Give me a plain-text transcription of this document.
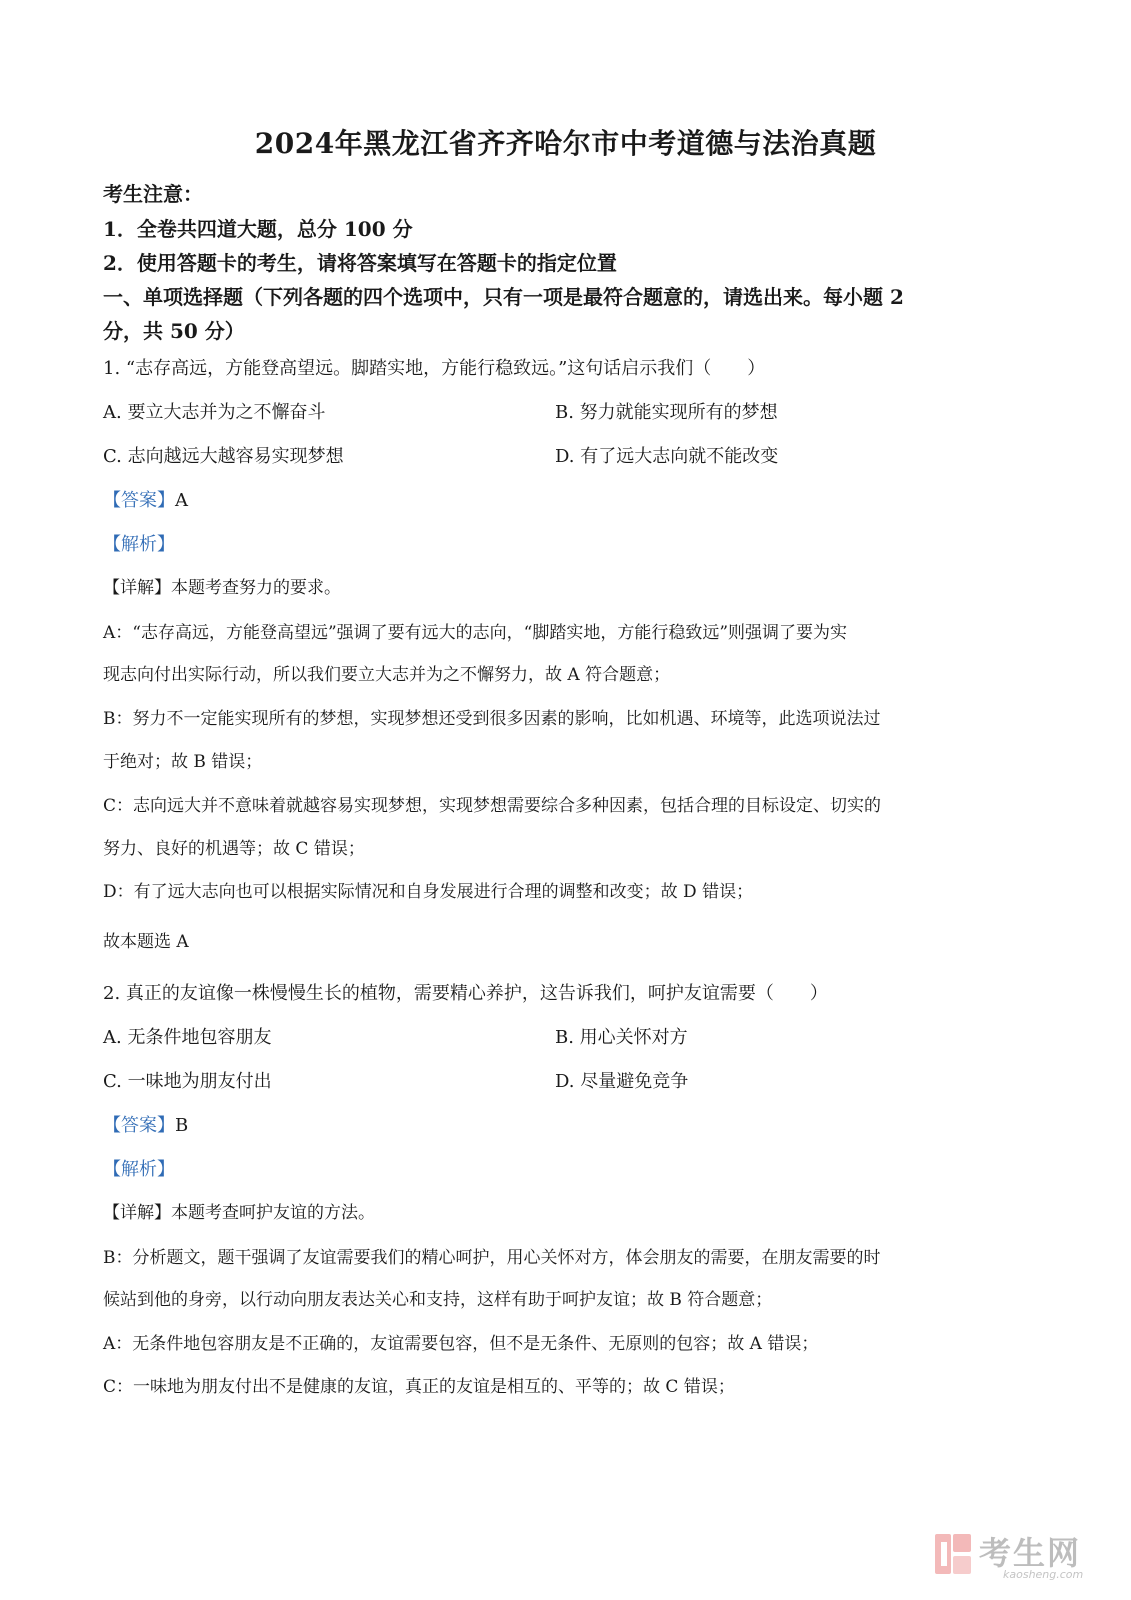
2024年黑龙江省齐齐哈尔市中考道德与法治真题
考生注意：
1．全卷共四道大题，总分 100 分
2．使用答题卡的考生，请将答案填写在答题卡的指定位置
一、单项选择题（下列各题的四个选项中，只有一项是最符合题意的，请选出来。每小题 2
分，共 50 分）
1. “志存高远，方能登高望远。脚踏实地，方能行稳致远。”这句话启示我们（　　）
A. 要立大志并为之不懈奋斗	B. 努力就能实现所有的梦想
C. 志向越远大越容易实现梦想	D. 有了远大志向就不能改变
【答案】A
【解析】
【详解】本题考查努力的要求。
A：“志存高远，方能登高望远”强调了要有远大的志向，“脚踏实地，方能行稳致远”则强调了要为实
现志向付出实际行动，所以我们要立大志并为之不懈努力，故 A 符合题意；
B：努力不一定能实现所有的梦想，实现梦想还受到很多因素的影响，比如机遇、环境等，此选项说法过
于绝对；故 B 错误；
C：志向远大并不意味着就越容易实现梦想，实现梦想需要综合多种因素，包括合理的目标设定、切实的
努力、良好的机遇等；故 C 错误；
D：有了远大志向也可以根据实际情况和自身发展进行合理的调整和改变；故 D 错误；
故本题选 A
2. 真正的友谊像一株慢慢生长的植物，需要精心养护，这告诉我们，呵护友谊需要（　　）
A. 无条件地包容朋友	B. 用心关怀对方
C. 一味地为朋友付出	D. 尽量避免竞争
【答案】B
【解析】
【详解】本题考查呵护友谊的方法。
B：分析题文，题干强调了友谊需要我们的精心呵护，用心关怀对方，体会朋友的需要，在朋友需要的时
候站到他的身旁，以行动向朋友表达关心和支持，这样有助于呵护友谊；故 B 符合题意；
A：无条件地包容朋友是不正确的，友谊需要包容，但不是无条件、无原则的包容；故 A 错误；
C：一味地为朋友付出不是健康的友谊，真正的友谊是相互的、平等的；故 C 错误；
考生网
kaosheng.com
